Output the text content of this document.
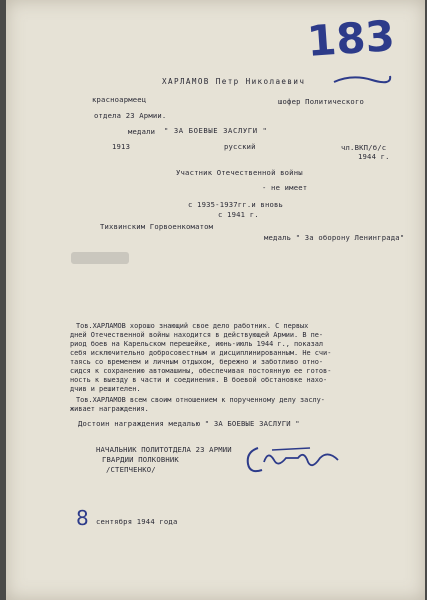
183
ХАРЛАМОВ Петр Николаевич
красноармеец	шофер Политического
отдела 23 Армии.
медали " ЗА БОЕВЫЕ ЗАСЛУГИ "
1913	русский	чл.ВКП/б/с
1944 г.
Участник Отечественной войны
- не имеет
с 1935-1937гг.и вновь
с 1941 г.
Тихвинским Горвоенкоматом
медаль " За оборону Ленинграда"
Тов.ХАРЛАМОВ хорошо знающий свое дело работник. С первых
дней Отечественной войны находится в действующей Армии. В пе-
риод боев на Карельском перешейке, июнь-июль 1944 г., показал
себя исключительно добросовестным и дисциплинированным. Не счи-
таясь со временем и личным отдыхом, бережно и заботливо отно-
сидся к сохранению автомашины, обеспечивая постоянную ее готов-
ность к выезду в части и соединения. В боевой обстановке нахо-
дчив и решителен.
Тов.ХАРЛАМОВ всем своим отношением к порученному делу заслу-
живает награждения.
Достоин награждения медалью " ЗА БОЕВЫЕ ЗАСЛУГИ "
НАЧАЛЬНИК ПОЛИТОТДЕЛА 23 АРМИИ
ГВАРДИИ ПОЛКОВНИК
/СТЕПЧЕНКО/
8 сентября 1944 года
